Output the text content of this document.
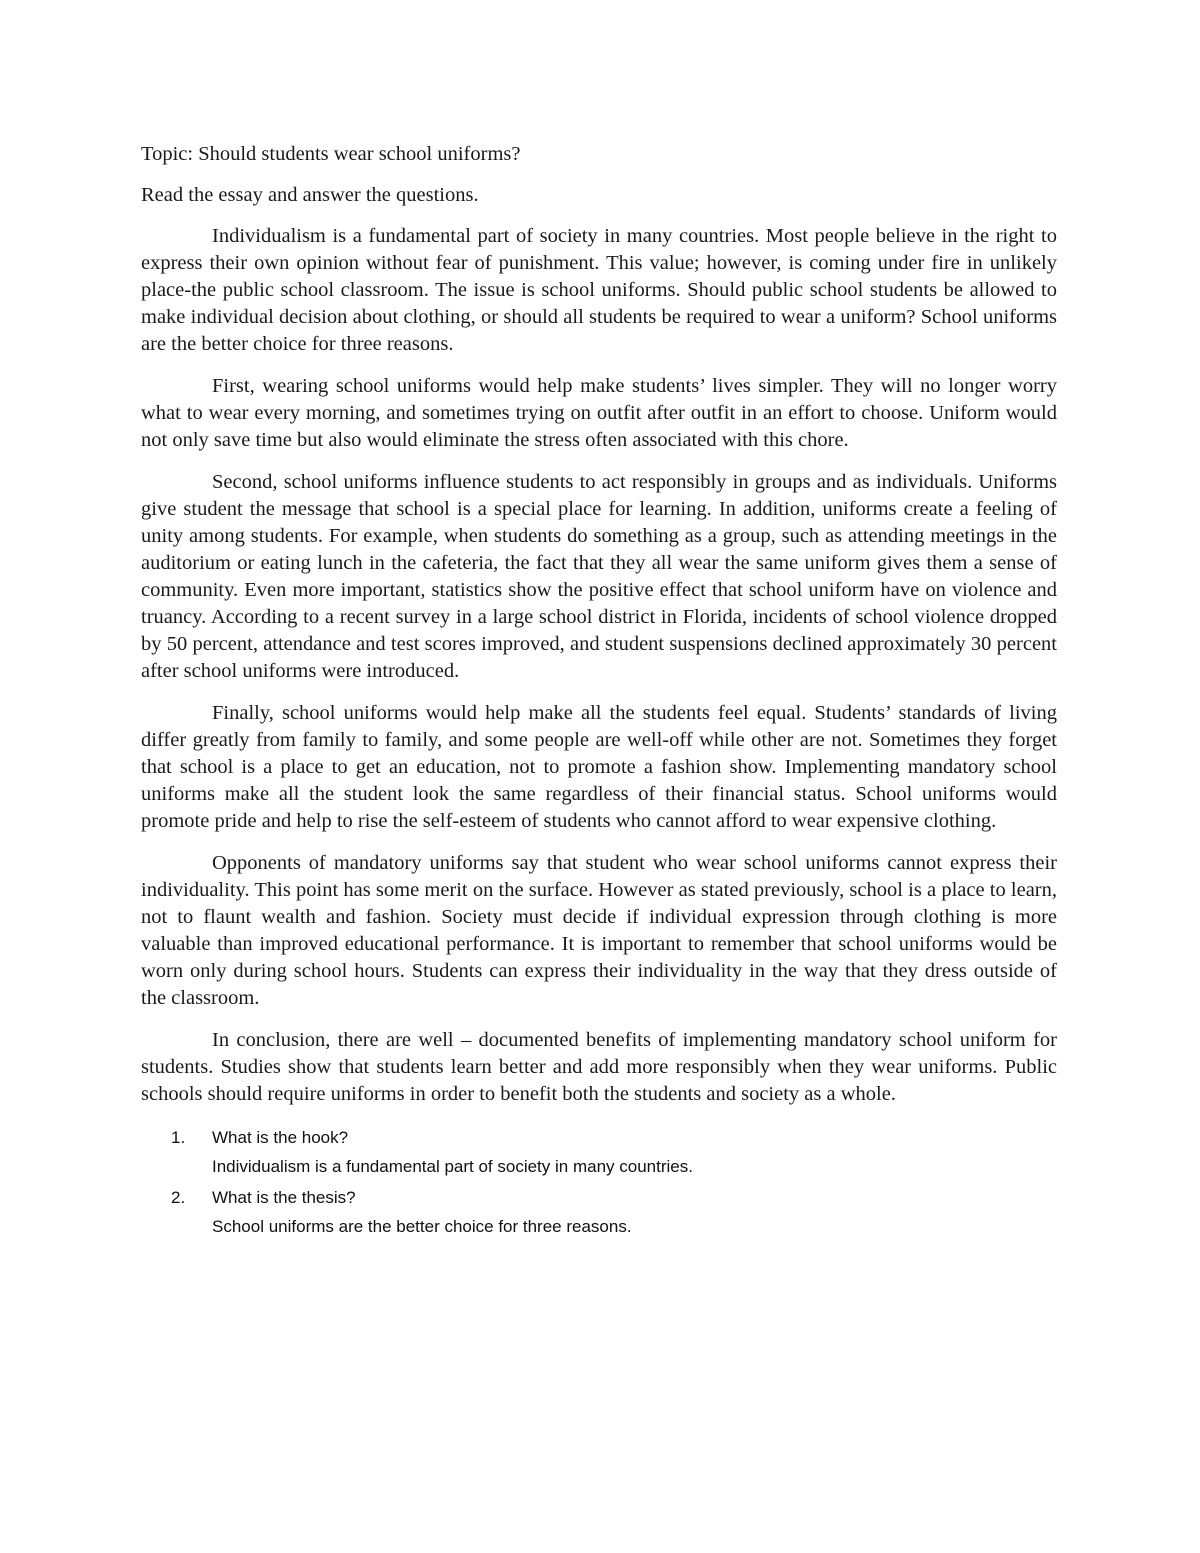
Topic: Should students wear school uniforms?

Read the essay and answer the questions.

Individualism is a fundamental part of society in many countries. Most people believe in the right to express their own opinion without fear of punishment. This value; however, is coming under fire in unlikely place-the public school classroom. The issue is school uniforms. Should public school students be allowed to make individual decision about clothing, or should all students be required to wear a uniform? School uniforms are the better choice for three reasons.

First, wearing school uniforms would help make students’ lives simpler. They will no longer worry what to wear every morning, and sometimes trying on outfit after outfit in an effort to choose. Uniform would not only save time but also would eliminate the stress often associated with this chore.

Second, school uniforms influence students to act responsibly in groups and as individuals. Uniforms give student the message that school is a special place for learning. In addition, uniforms create a feeling of unity among students. For example, when students do something as a group, such as attending meetings in the auditorium or eating lunch in the cafeteria, the fact that they all wear the same uniform gives them a sense of community. Even more important, statistics show the positive effect that school uniform have on violence and truancy. According to a recent survey in a large school district in Florida, incidents of school violence dropped by 50 percent, attendance and test scores improved, and student suspensions declined approximately 30 percent after school uniforms were introduced.

Finally, school uniforms would help make all the students feel equal. Students’ standards of living differ greatly from family to family, and some people are well-off while other are not. Sometimes they forget that school is a place to get an education, not to promote a fashion show. Implementing mandatory school uniforms make all the student look the same regardless of their financial status. School uniforms would promote pride and help to rise the self-esteem of students who cannot afford to wear expensive clothing.

Opponents of mandatory uniforms say that student who wear school uniforms cannot express their individuality. This point has some merit on the surface. However as stated previously, school is a place to learn, not to flaunt wealth and fashion. Society must decide if individual expression through clothing is more valuable than improved educational performance. It is important to remember that school uniforms would be worn only during school hours. Students can express their individuality in the way that they dress outside of the classroom.

In conclusion, there are well – documented benefits of implementing mandatory school uniform for students. Studies show that students learn better and add more responsibly when they wear uniforms. Public schools should require uniforms in order to benefit both the students and society as a whole.

1. What is the hook?
Individualism is a fundamental part of society in many countries.
2. What is the thesis?
School uniforms are the better choice for three reasons.
